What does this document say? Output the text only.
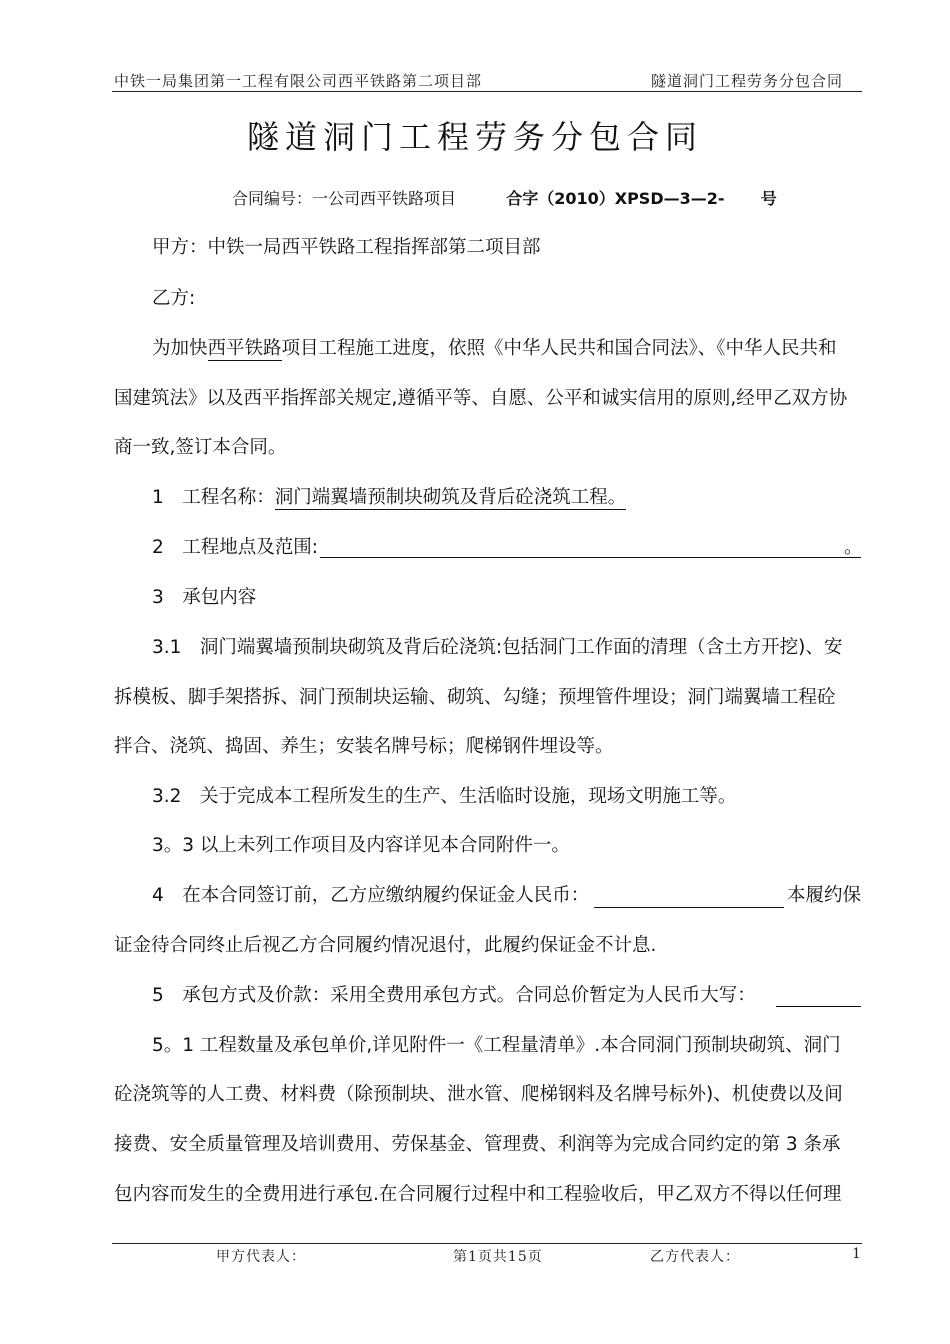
中铁一局集团第一工程有限公司西平铁路第二项目部	隧道洞门工程劳务分包合同
隧道洞门工程劳务分包合同
合同编号：一公司西平铁路项目	合字（2010）XPSD—3—2- 号
甲方：中铁一局西平铁路工程指挥部第二项目部
乙方:
为加快西平铁路项目工程施工进度，依照《中华人民共和国合同法》、《中华人民共和
国建筑法》以及西平指挥部关规定,遵循平等、自愿、公平和诚实信用的原则,经甲乙双方协
商一致,签订本合同。
1　工程名称：洞门端翼墙预制块砌筑及背后砼浇筑工程。
2　工程地点及范围:	。
3　承包内容
3.1　洞门端翼墙预制块砌筑及背后砼浇筑:包括洞门工作面的清理（含土方开挖)、安
拆模板、脚手架搭拆、洞门预制块运输、砌筑、勾缝；预埋管件埋设；洞门端翼墙工程砼
拌合、浇筑、捣固、养生；安装名牌号标；爬梯钢件埋设等。
3.2　关于完成本工程所发生的生产、生活临时设施，现场文明施工等。
3。3 以上未列工作项目及内容详见本合同附件一。
4　在本合同签订前，乙方应缴纳履约保证金人民币：	本履约保
证金待合同终止后视乙方合同履约情况退付，此履约保证金不计息.
5　承包方式及价款：采用全费用承包方式。合同总价暂定为人民币大写：
5。1 工程数量及承包单价,详见附件一《工程量清单》.本合同洞门预制块砌筑、洞门
砼浇筑等的人工费、材料费（除预制块、泄水管、爬梯钢料及名牌号标外)、机使费以及间
接费、安全质量管理及培训费用、劳保基金、管理费、利润等为完成合同约定的第 3 条承
包内容而发生的全费用进行承包.在合同履行过程中和工程验收后，甲乙双方不得以任何理
甲方代表人：	第1页共15页	乙方代表人：	1
